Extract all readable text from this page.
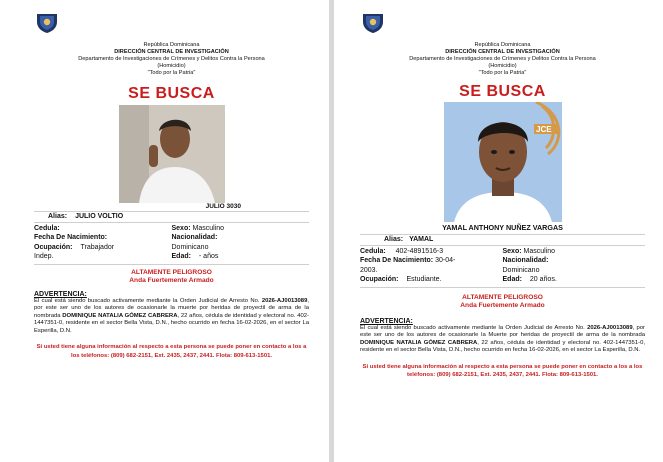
República Dominicana
DIRECCIÓN CENTRAL DE INVESTIGACIÓN
Departamento de Investigaciones de Crímenes y Delitos Contra la Persona
(Homicidio)
"Todo por la Patria"
SE BUSCA
JULIO 3030
Alias: JULIO VOLTIO
Cedula:
Fecha De Nacimiento:
Ocupación: Trabajador
Indep.
Sexo: Masculino
Nacionalidad:
Dominicano
Edad: - años
ALTAMENTE PELIGROSO
Anda Fuertemente Armado
ADVERTENCIA:
El cual está siendo buscado activamente mediante la Orden Judicial de Arresto No. 2026-AJ0013089, por este ser uno de los autores de ocasionarle la muerte por heridas de proyectil de arma de la nombrada DOMINIQUE NATALIA GÓMEZ CABRERA, 22 años, cédula de identidad y electoral no. 402-1447351-0, residente en el sector Bella Vista, D.N., hecho ocurrido en fecha 16-02-2026, en el sector La Esperilla, D.N.
Si usted tiene alguna información al respecto a esta persona se puede poner en contacto a los a los teléfonos: (809) 682-2151, Ext. 2435, 2437, 2441. Flota: 809-613-1501.
República Dominicana
DIRECCIÓN CENTRAL DE INVESTIGACIÓN
Departamento de Investigaciones de Crímenes y Delitos Contra la Persona
(Homicidio)
"Todo por la Patria"
SE BUSCA
JCE
YAMAL ANTHONY NUÑEZ VARGAS
Alias: YAMAL
Cedula: 402-4891516-3
Fecha De Nacimiento: 30-04-
2003.
Ocupación: Estudiante.
Sexo: Masculino
Nacionalidad:
Dominicano
Edad: 20 años.
ALTAMENTE PELIGROSO
Anda Fuertemente Armado
ADVERTENCIA:
El cual está siendo buscado activamente mediante la Orden Judicial de Arresto No. 2026-AJ0013089, por este ser uno de los autores de ocasionarle la Muerte por heridas de proyectil de arma de la nombrada DOMINIQUE NATALIA GÓMEZ CABRERA, 22 años, cédula de identidad y electoral no. 402-1447351-0, residente en el sector Bella Vista, D.N., hecho ocurrido en fecha 16-02-2026, en el sector La Esperilla, D.N.
Si usted tiene alguna información al respecto a esta persona se puede poner en contacto a los a los teléfonos: (809) 682-2151, Ext. 2435, 2437, 2441. Flota: 809-613-1501.
